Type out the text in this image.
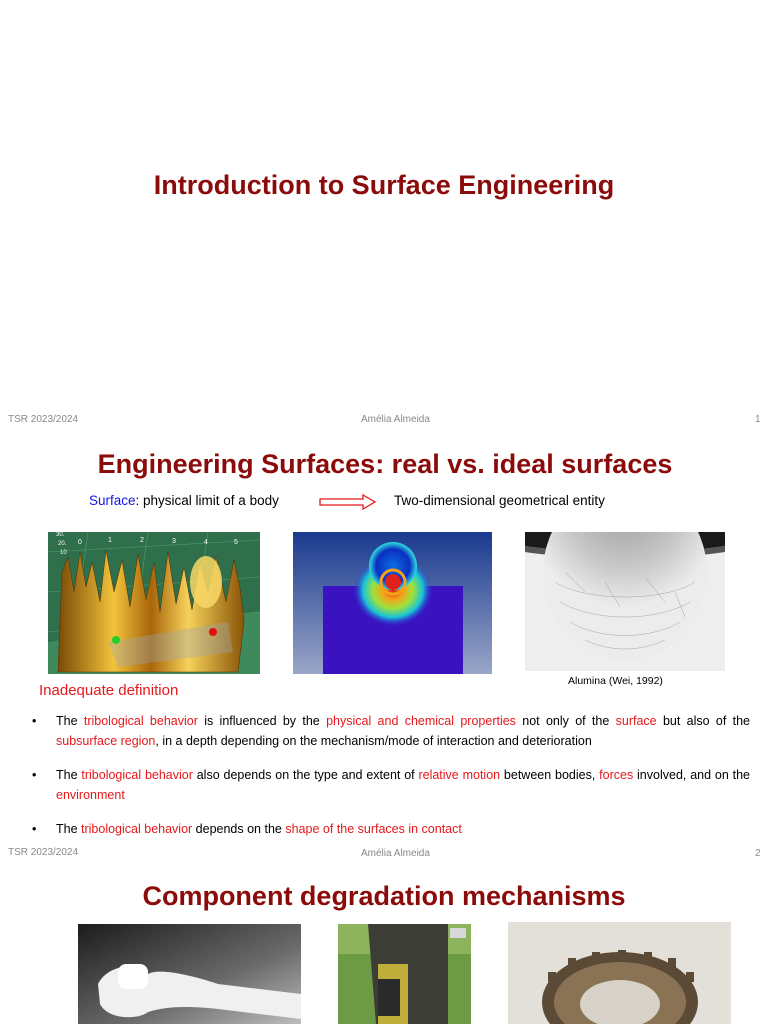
Introduction to Surface Engineering
TSR 2023/2024	Amélia Almeida	1
Engineering Surfaces: real vs. ideal surfaces
Surface: physical limit of a body	Two-dimensional geometrical entity
0	1	2	3	4	5
30.
20.
10
Alumina (Wei, 1992)
Inadequate definition
• The tribological behavior is influenced by the physical and chemical properties not only of the surface but also of the subsurface region, in a depth depending on the mechanism/mode of interaction and deterioration
• The tribological behavior also depends on the type and extent of relative motion between bodies, forces involved, and on the environment
• The tribological behavior depends on the shape of the surfaces in contact
TSR 2023/2024	Amélia Almeida	2
Component degradation mechanisms
